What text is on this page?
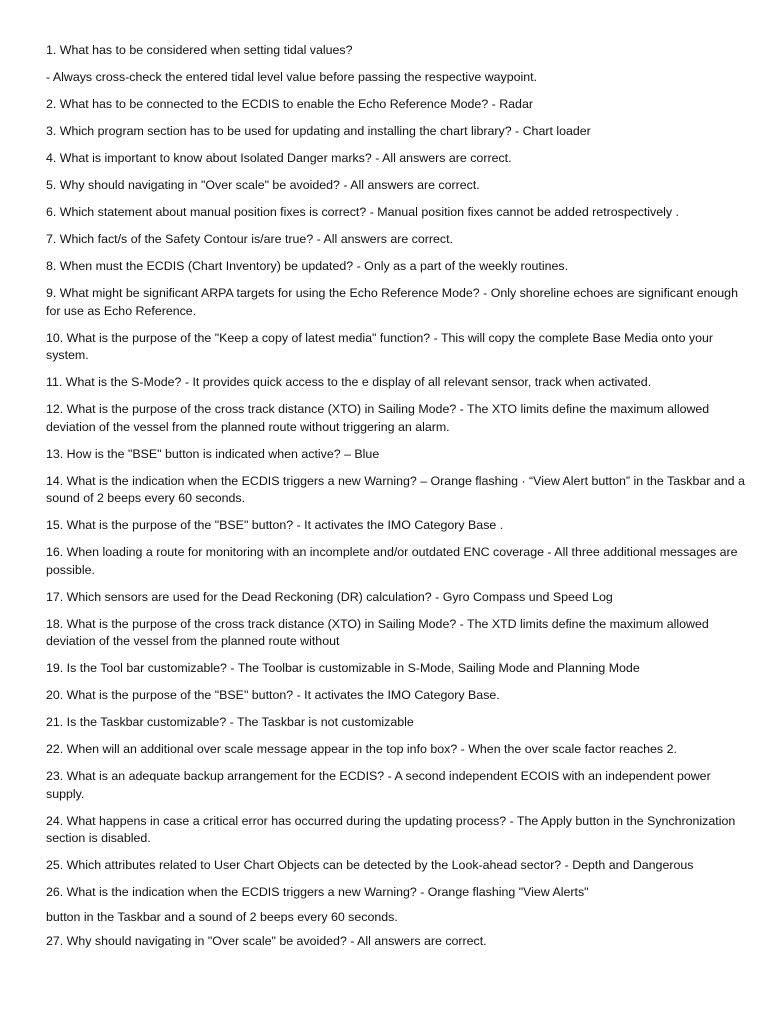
1. What has to be considered when setting tidal values?

- Always cross-check the entered tidal level value before passing the respective waypoint.

2. What has to be connected to the ECDIS to enable the Echo Reference Mode? - Radar

3. Which program section has to be used for updating and installing the chart library? - Chart loader

4. What is important to know about Isolated Danger marks? - All answers are correct.

5. Why should navigating in "Over scale" be avoided? - All answers are correct.

6. Which statement about manual position fixes is correct? - Manual position fixes cannot be added retrospectively .

7. Which fact/s of the Safety Contour is/are true? - All answers are correct.

8. When must the ECDIS (Chart Inventory) be updated? - Only as a part of the weekly routines.

9. What might be significant ARPA targets for using the Echo Reference Mode? - Only shoreline echoes are significant enough for use as Echo Reference.

10. What is the purpose of the "Keep a copy of latest media" function? - This will copy the complete Base Media onto your system.

11. What is the S-Mode? - It provides quick access to the e display of all relevant sensor, track when activated.

12. What is the purpose of the cross track distance (XTO) in Sailing Mode? - The XTO limits define the maximum allowed deviation of the vessel from the planned route without triggering an alarm.

13. How is the "BSE" button is indicated when active? – Blue

14. What is the indication when the ECDIS triggers a new Warning? – Orange flashing · “View Alert button” in the Taskbar and a sound of 2 beeps every 60 seconds.

15. What is the purpose of the "BSE" button? - It activates the IMO Category Base .

16. When loading a route for monitoring with an incomplete and/or outdated ENC coverage - All three additional messages are possible.

17. Which sensors are used for the Dead Reckoning (DR) calculation? - Gyro Compass und Speed Log

18. What is the purpose of the cross track distance (XTO) in Sailing Mode? - The XTD limits define the maximum allowed deviation of the vessel from the planned route without

19. Is the Tool bar customizable? - The Toolbar is customizable in S-Mode, Sailing Mode and Planning Mode

20. What is the purpose of the "BSE" button? - It activates the IMO Category Base.

21. Is the Taskbar customizable? - The Taskbar is not customizable

22. When will an additional over scale message appear in the top info box? - When the over scale factor reaches 2.

23. What is an adequate backup arrangement for the ECDIS? - A second independent ECOIS with an independent power supply.

24. What happens in case a critical error has occurred during the updating process? - The Apply button in the Synchronization section is disabled.

25. Which attributes related to User Chart Objects can be detected by the Look-ahead sector? - Depth and Dangerous

26. What is the indication when the ECDIS triggers a new Warning? - Orange flashing "View Alerts"

button in the Taskbar and a sound of 2 beeps every 60 seconds.

27. Why should navigating in "Over scale" be avoided? - All answers are correct.
